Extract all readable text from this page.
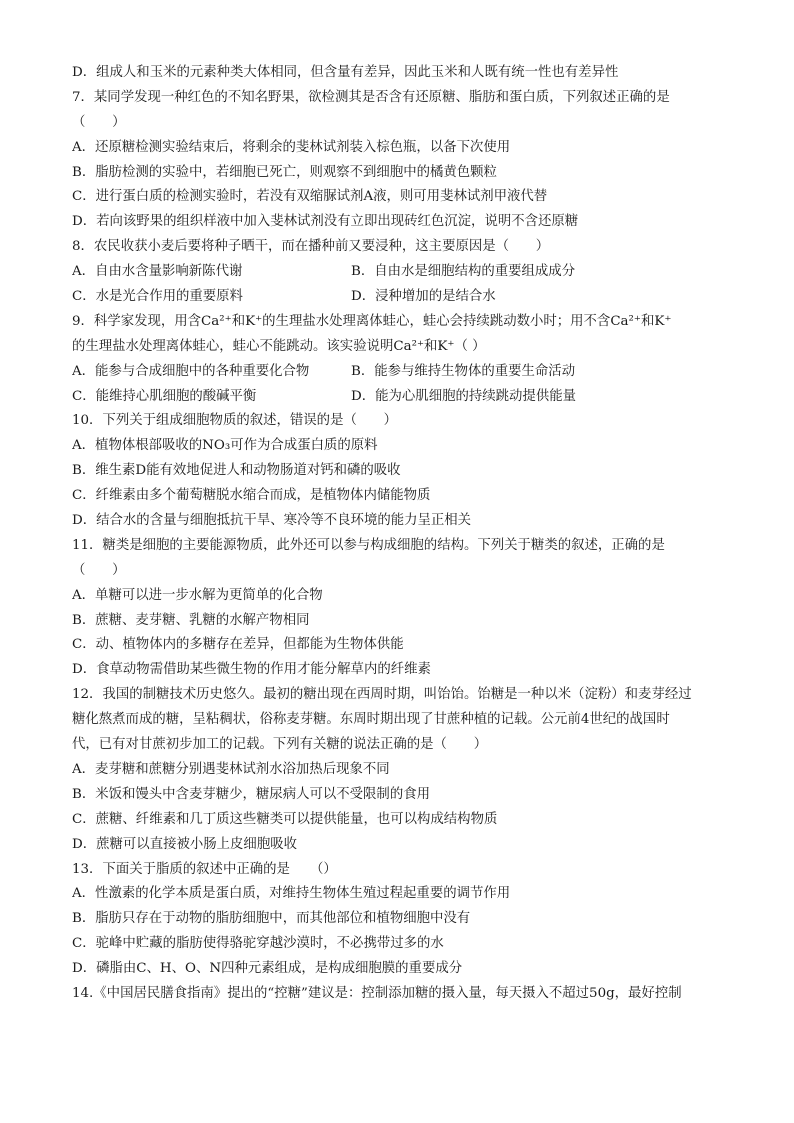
D．组成人和玉米的元素种类大体相同，但含量有差异，因此玉米和人既有统一性也有差异性
7．某同学发现一种红色的不知名野果，欲检测其是否含有还原糖、脂肪和蛋白质，下列叙述正确的是
（　　）
A．还原糖检测实验结束后，将剩余的斐林试剂装入棕色瓶，以备下次使用
B．脂肪检测的实验中，若细胞已死亡，则观察不到细胞中的橘黄色颗粒
C．进行蛋白质的检测实验时，若没有双缩脲试剂A液，则可用斐林试剂甲液代替
D．若向该野果的组织样液中加入斐林试剂没有立即出现砖红色沉淀，说明不含还原糖
8．农民收获小麦后要将种子晒干，而在播种前又要浸种，这主要原因是（　　）
A．自由水含量影响新陈代谢	B．自由水是细胞结构的重要组成成分
C．水是光合作用的重要原料	D．浸种增加的是结合水
9．科学家发现，用含Ca²⁺和K⁺的生理盐水处理离体蛙心，蛙心会持续跳动数小时；用不含Ca²⁺和K⁺
的生理盐水处理离体蛙心，蛙心不能跳动。该实验说明Ca²⁺和K⁺（ ）
A．能参与合成细胞中的各种重要化合物	B．能参与维持生物体的重要生命活动
C．能维持心肌细胞的酸碱平衡	D．能为心肌细胞的持续跳动提供能量
10．下列关于组成细胞物质的叙述，错误的是（　　）
A．植物体根部吸收的NO₃可作为合成蛋白质的原料
B．维生素D能有效地促进人和动物肠道对钙和磷的吸收
C．纤维素由多个葡萄糖脱水缩合而成，是植物体内储能物质
D．结合水的含量与细胞抵抗干旱、寒冷等不良环境的能力呈正相关
11．糖类是细胞的主要能源物质，此外还可以参与构成细胞的结构。下列关于糖类的叙述，正确的是
（　　）
A．单糖可以进一步水解为更简单的化合物
B．蔗糖、麦芽糖、乳糖的水解产物相同
C．动、植物体内的多糖存在差异，但都能为生物体供能
D．食草动物需借助某些微生物的作用才能分解草内的纤维素
12．我国的制糖技术历史悠久。最初的糖出现在西周时期，叫饴饴。饴糖是一种以米（淀粉）和麦芽经过
糖化熬煮而成的糖，呈粘稠状，俗称麦芽糖。东周时期出现了甘蔗种植的记载。公元前4世纪的战国时
代，已有对甘蔗初步加工的记载。下列有关糖的说法正确的是（　　）
A．麦芽糖和蔗糖分别遇斐林试剂水浴加热后现象不同
B．米饭和馒头中含麦芽糖少，糖尿病人可以不受限制的食用
C．蔗糖、纤维素和几丁质这些糖类可以提供能量，也可以构成结构物质
D．蔗糖可以直接被小肠上皮细胞吸收
13．下面关于脂质的叙述中正确的是　　（）
A．性激素的化学本质是蛋白质，对维持生物体生殖过程起重要的调节作用
B．脂肪只存在于动物的脂肪细胞中，而其他部位和植物细胞中没有
C．驼峰中贮藏的脂肪使得骆驼穿越沙漠时，不必携带过多的水
D．磷脂由C、H、O、N四种元素组成，是构成细胞膜的重要成分
14.《中国居民膳食指南》提出的“控糖”建议是：控制添加糖的摄入量，每天摄入不超过50g，最好控制
